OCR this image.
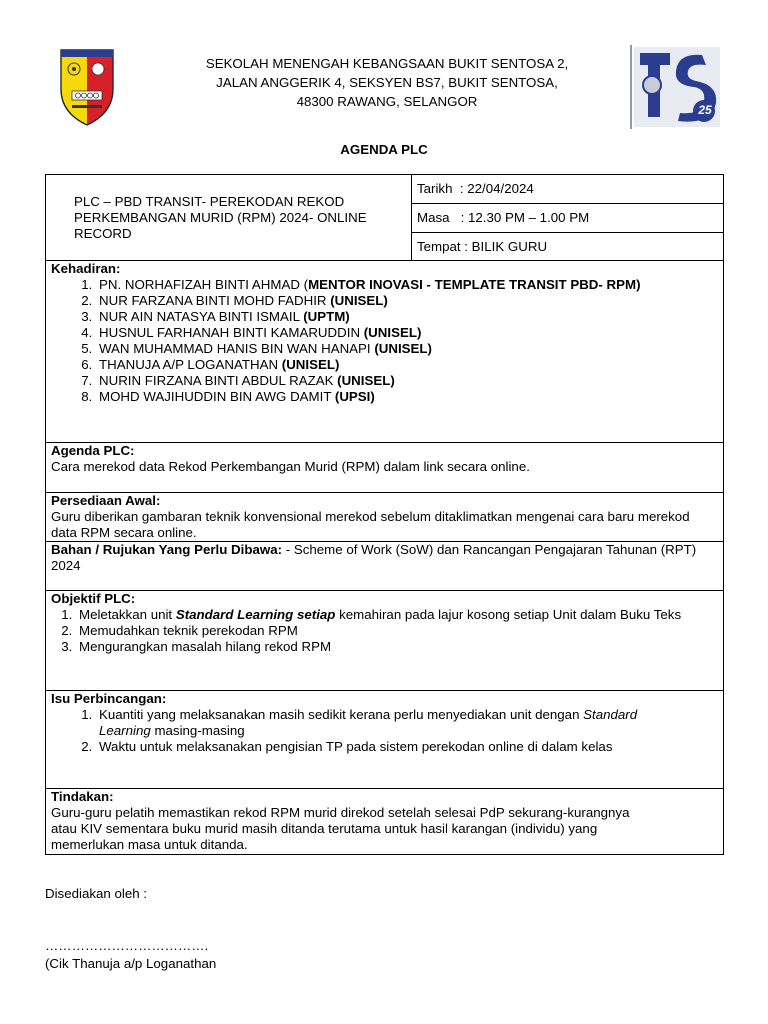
SEKOLAH MENENGAH KEBANGSAAN BUKIT SENTOSA 2,
JALAN ANGGERIK 4, SEKSYEN BS7, BUKIT SENTOSA,
48300 RAWANG, SELANGOR
25
AGENDA PLC
PLC – PBD TRANSIT- PEREKODAN REKOD PERKEMBANGAN MURID (RPM) 2024- ONLINE RECORD	Tarikh  : 22/04/2024
Masa   : 12.30 PM – 1.00 PM
Tempat : BILIK GURU

Kehadiran:
1. PN. NORHAFIZAH BINTI AHMAD (MENTOR INOVASI - TEMPLATE TRANSIT PBD- RPM)
2. NUR FARZANA BINTI MOHD FADHIR (UNISEL)
3. NUR AIN NATASYA BINTI ISMAIL (UPTM)
4. HUSNUL FARHANAH BINTI KAMARUDDIN (UNISEL)
5. WAN MUHAMMAD HANIS BIN WAN HANAPI (UNISEL)
6. THANUJA A/P LOGANATHAN (UNISEL)
7. NURIN FIRZANA BINTI ABDUL RAZAK (UNISEL)
8. MOHD WAJIHUDDIN BIN AWG DAMIT (UPSI)

Agenda PLC:
Cara merekod data Rekod Perkembangan Murid (RPM) dalam link secara online.

Persediaan Awal:
Guru diberikan gambaran teknik konvensional merekod sebelum ditaklimatkan mengenai cara baru merekod data RPM secara online.

Bahan / Rujukan Yang Perlu Dibawa: - Scheme of Work (SoW) dan Rancangan Pengajaran Tahunan (RPT) 2024

Objektif PLC:
1. Meletakkan unit Standard Learning setiap kemahiran pada lajur kosong setiap Unit dalam Buku Teks
2. Memudahkan teknik perekodan RPM
3. Mengurangkan masalah hilang rekod RPM

Isu Perbincangan:
1. Kuantiti yang melaksanakan masih sedikit kerana perlu menyediakan unit dengan Standard Learning masing-masing
2. Waktu untuk melaksanakan pengisian TP pada sistem perekodan online di dalam kelas

Tindakan:
Guru-guru pelatih memastikan rekod RPM murid direkod setelah selesai PdP sekurang-kurangnya
atau KIV sementara buku murid masih ditanda terutama untuk hasil karangan (individu) yang
memerlukan masa untuk ditanda.
Disediakan oleh :
……………………………….
(Cik Thanuja a/p Loganathan
